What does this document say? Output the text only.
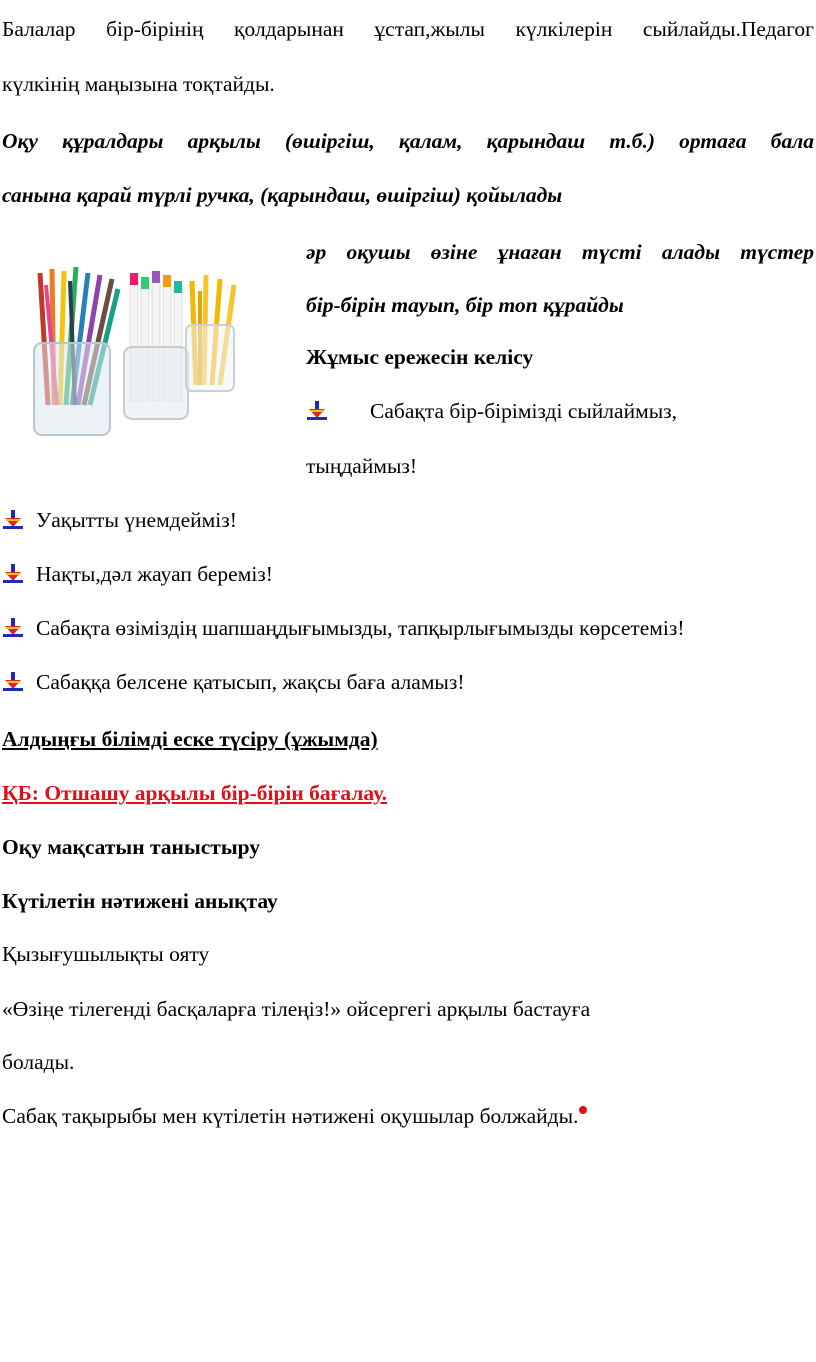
Балалар бір-бірінің қолдарынан ұстап,жылы күлкілерін сыйлайды.Педагог
күлкінің маңызына тоқтайды.
Оқу құралдары арқылы (өшіргіш, қалам, қарындаш т.б.) ортаға бала
санына қарай түрлі ручка, (қарындаш, өшіргіш) қойылады
әр оқушы өзіне ұнаған түсті алады түстер
бір-бірін тауып, бір топ құрайды
Жұмыс ережесін келісу
Сабақта бір-бірімізді сыйлаймыз,
тыңдаймыз!
Уақытты үнемдейміз!
Нақты,дәл жауап береміз!
Сабақта өзіміздің шапшаңдығымызды, тапқырлығымызды көрсетеміз!
Сабаққа белсене қатысып, жақсы баға аламыз!
Алдыңғы білімді еске түсіру (ұжымда)
ҚБ: Отшашу арқылы бір-бірін бағалау.
Оқу мақсатын таныстыру
Күтілетін нәтижені анықтау
Қызығушылықты ояту
«Өзіңе тілегенді басқаларға тілеңіз!» ойсергегі арқылы бастауға
болады.
Сабақ тақырыбы мен күтілетін нәтижені оқушылар болжайды.
